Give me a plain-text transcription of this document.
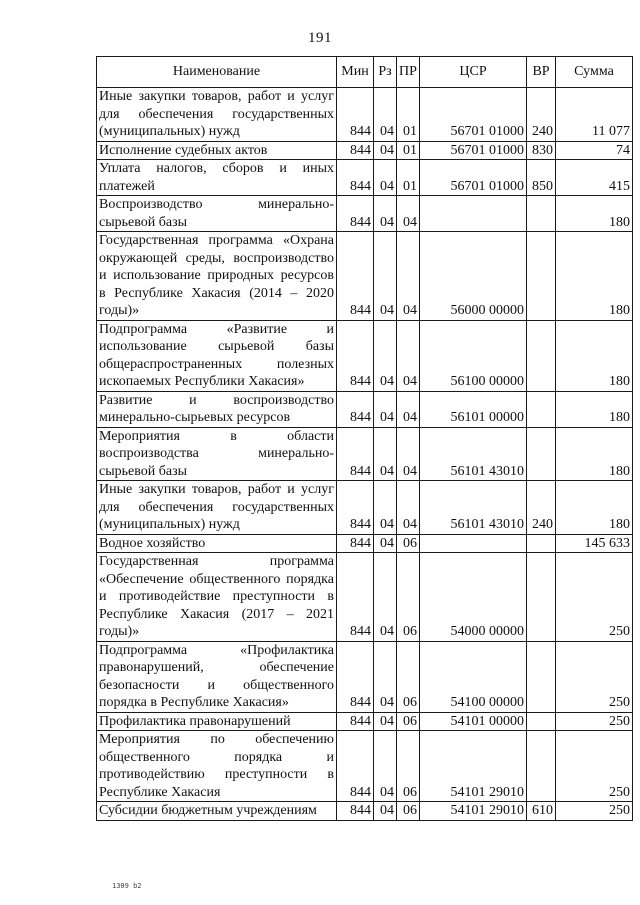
191
Наименование	Мин	Рз	ПР	ЦСР	ВР	Сумма
Иные закупки товаров, работ и услуг для обеспечения государственных (муниципальных) нужд	844	04	01	56701 01000	240	11 077
Исполнение судебных актов	844	04	01	56701 01000	830	74
Уплата налогов, сборов и иных платежей	844	04	01	56701 01000	850	415
Воспроизводство минерально-сырьевой базы	844	04	04			180
Государственная программа «Охрана окружающей среды, воспроизводство и использование природных ресурсов в Республике Хакасия (2014 – 2020 годы)»	844	04	04	56000 00000		180
Подпрограмма «Развитие и использование сырьевой базы общераспространенных полезных ископаемых Республики Хакасия»	844	04	04	56100 00000		180
Развитие и воспроизводство минерально-сырьевых ресурсов	844	04	04	56101 00000		180
Мероприятия в области воспроизводства минерально-сырьевой базы	844	04	04	56101 43010		180
Иные закупки товаров, работ и услуг для обеспечения государственных (муниципальных) нужд	844	04	04	56101 43010	240	180
Водное хозяйство	844	04	06			145 633
Государственная программа «Обеспечение общественного порядка и противодействие преступности в Республике Хакасия (2017 – 2021 годы)»	844	04	06	54000 00000		250
Подпрограмма «Профилактика правонарушений, обеспечение безопасности и общественного порядка в Республике Хакасия»	844	04	06	54100 00000		250
Профилактика правонарушений	844	04	06	54101 00000		250
Мероприятия по обеспечению общественного порядка и противодействию преступности в Республике Хакасия	844	04	06	54101 29010		250
Субсидии бюджетным учреждениям	844	04	06	54101 29010	610	250
1309 b2
